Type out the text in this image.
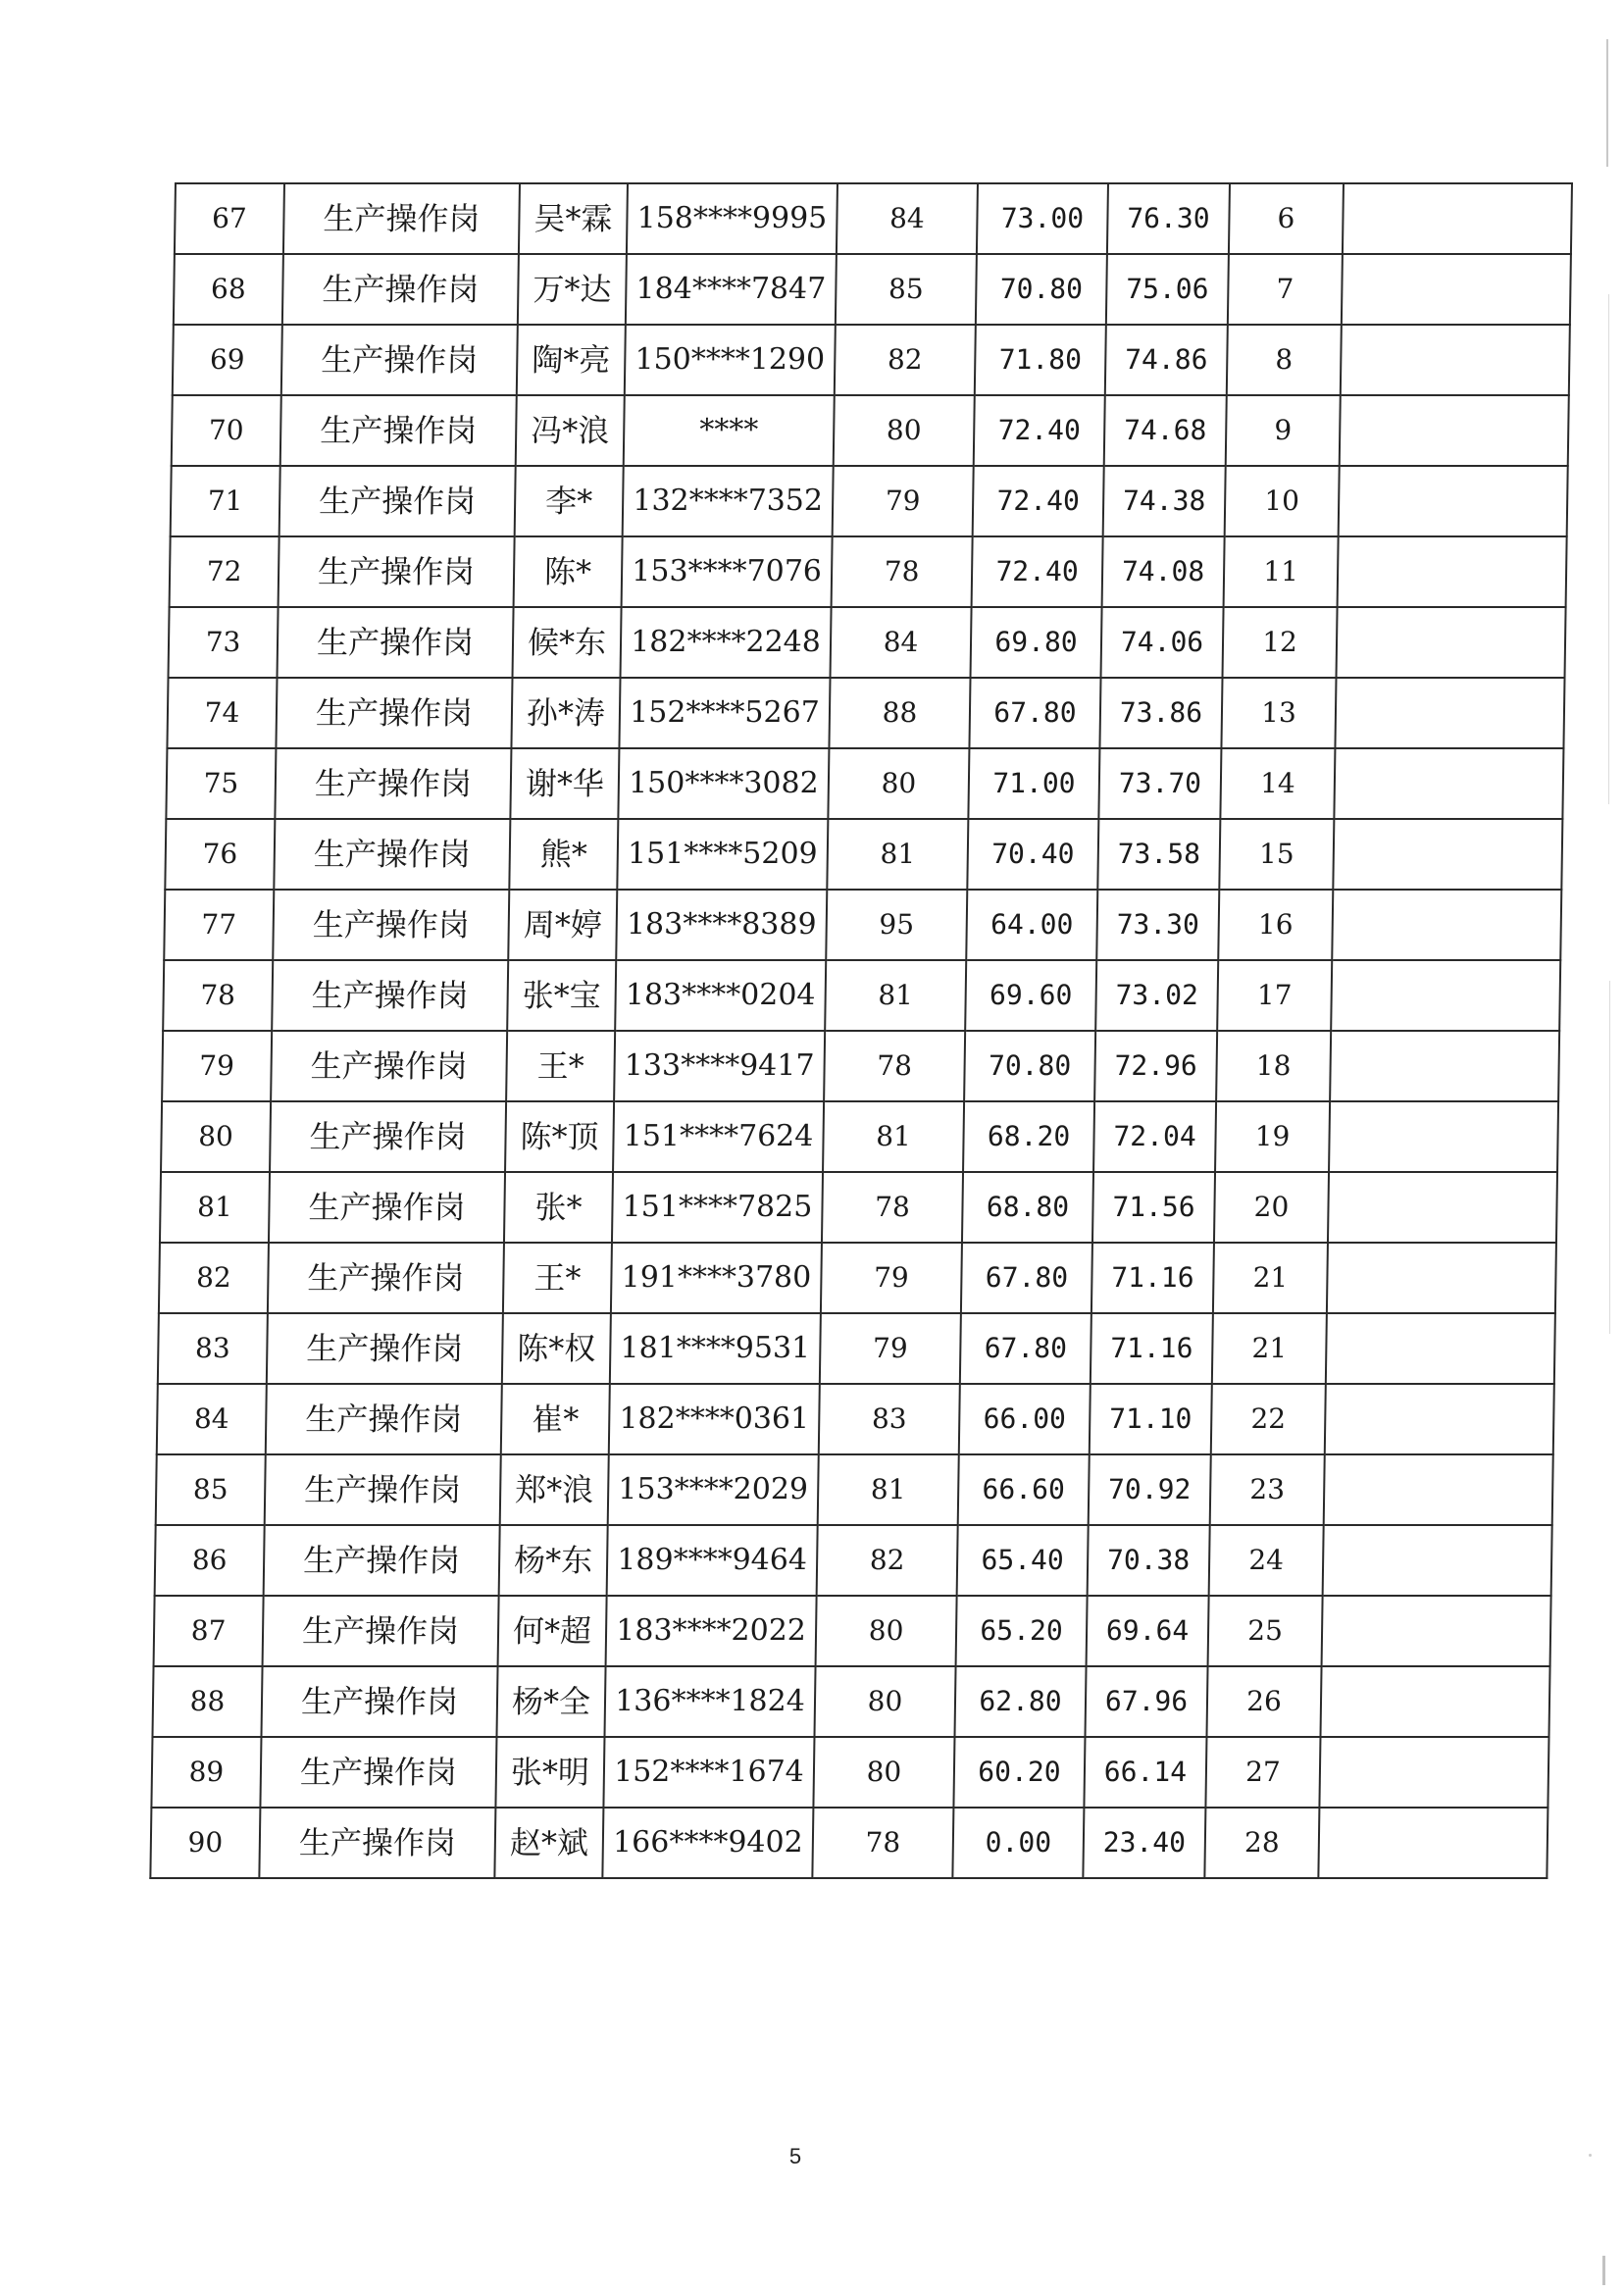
67	生产操作岗	吴*霖	158****9995	84	73.00	76.30	6	
68	生产操作岗	万*达	184****7847	85	70.80	75.06	7	
69	生产操作岗	陶*亮	150****1290	82	71.80	74.86	8	
70	生产操作岗	冯*浪	****	80	72.40	74.68	9	
71	生产操作岗	李*	132****7352	79	72.40	74.38	10	
72	生产操作岗	陈*	153****7076	78	72.40	74.08	11	
73	生产操作岗	候*东	182****2248	84	69.80	74.06	12	
74	生产操作岗	孙*涛	152****5267	88	67.80	73.86	13	
75	生产操作岗	谢*华	150****3082	80	71.00	73.70	14	
76	生产操作岗	熊*	151****5209	81	70.40	73.58	15	
77	生产操作岗	周*婷	183****8389	95	64.00	73.30	16	
78	生产操作岗	张*宝	183****0204	81	69.60	73.02	17	
79	生产操作岗	王*	133****9417	78	70.80	72.96	18	
80	生产操作岗	陈*顶	151****7624	81	68.20	72.04	19	
81	生产操作岗	张*	151****7825	78	68.80	71.56	20	
82	生产操作岗	王*	191****3780	79	67.80	71.16	21	
83	生产操作岗	陈*权	181****9531	79	67.80	71.16	21	
84	生产操作岗	崔*	182****0361	83	66.00	71.10	22	
85	生产操作岗	郑*浪	153****2029	81	66.60	70.92	23	
86	生产操作岗	杨*东	189****9464	82	65.40	70.38	24	
87	生产操作岗	何*超	183****2022	80	65.20	69.64	25	
88	生产操作岗	杨*全	136****1824	80	62.80	67.96	26	
89	生产操作岗	张*明	152****1674	80	60.20	66.14	27	
90	生产操作岗	赵*斌	166****9402	78	0.00	23.40	28	
5
